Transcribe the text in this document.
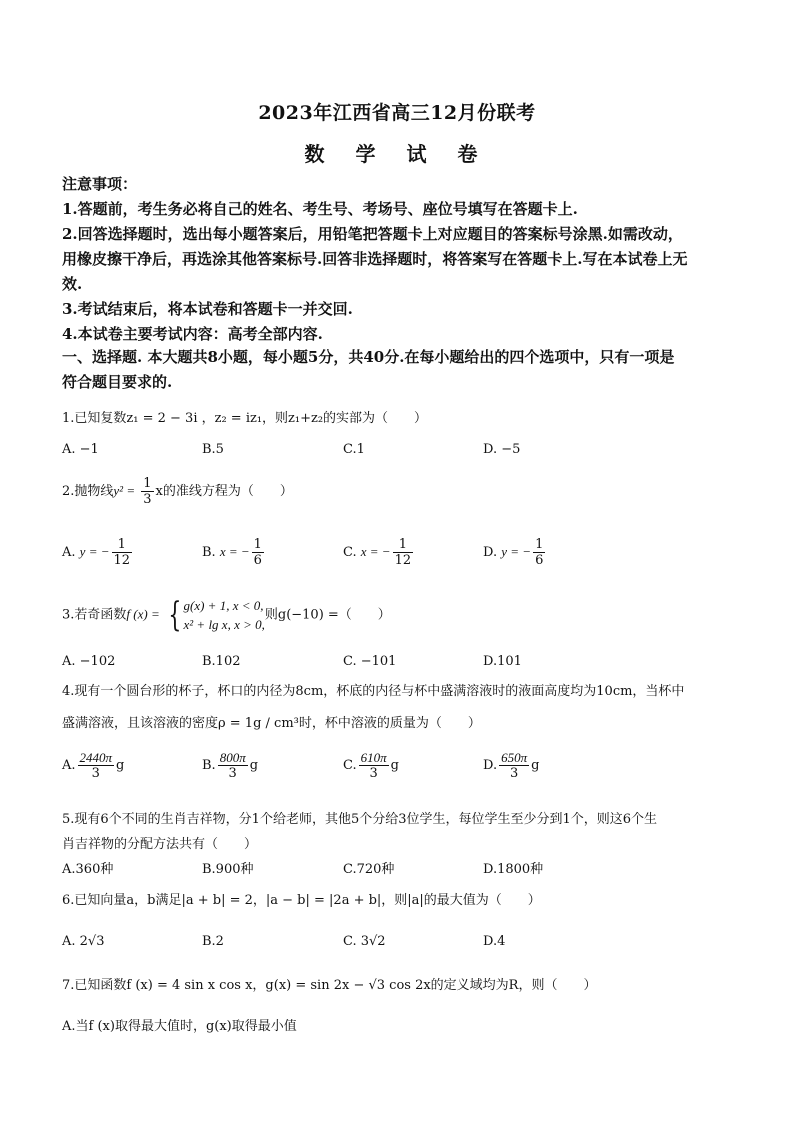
2023年江西省高三12月份联考
数 学 试 卷
注意事项：
1.答题前，考生务必将自己的姓名、考生号、考场号、座位号填写在答题卡上.
2.回答选择题时，选出每小题答案后，用铅笔把答题卡上对应题目的答案标号涂黑.如需改动，
用橡皮擦干净后，再选涂其他答案标号.回答非选择题时，将答案写在答题卡上.写在本试卷上无
效.
3.考试结束后，将本试卷和答题卡一并交回.
4.本试卷主要考试内容：高考全部内容.
一、选择题. 本大题共8小题，每小题5分，共40分.在每小题给出的四个选项中，只有一项是
符合题目要求的.
1.已知复数z₁ = 2 − 3i ，z₂ = iz₁，则z₁+z₂的实部为（　　）
A. −1	B.5	C.1	D. −5
2.抛物线$y^2 = \frac{1}{3}$ x的准线方程为（　　）
A. y = − $\frac{1}{12}$	B. x = − $\frac{1}{6}$	C. x = − $\frac{1}{12}$	D. y = − $\frac{1}{6}$
3.若奇函数f (x) = { g(x) + 1, x < 0,
x² + lg x, x > 0,
则g(−10) =（　　）
A. −102	B.102	C. −101	D.101
4.现有一个圆台形的杯子，杯口的内径为8cm，杯底的内径与杯中盛满溶液时的液面高度均为10cm，当杯中
盛满溶液，且该溶液的密度ρ = 1g / cm³时，杯中溶液的质量为（　　）
A. $\frac{2440\pi}{3}$ g	B. $\frac{800\pi}{3}$ g	C. $\frac{610\pi}{3}$ g	D. $\frac{650\pi}{3}$ g
5.现有6个不同的生肖吉祥物，分1个给老师，其他5个分给3位学生，每位学生至少分到1个，则这6个生
肖吉祥物的分配方法共有（　　）
A.360种	B.900种	C.720种	D.1800种
6.已知向量a，b满足|a + b| = 2，|a − b| = |2a + b|，则|a|的最大值为（　　）
A. 2√3	B.2	C. 3√2	D.4
7.已知函数f (x) = 4 sin x cos x，g(x) = sin 2x − √3 cos 2x的定义域均为R，则（　　）
A.当f (x)取得最大值时，g(x)取得最小值
